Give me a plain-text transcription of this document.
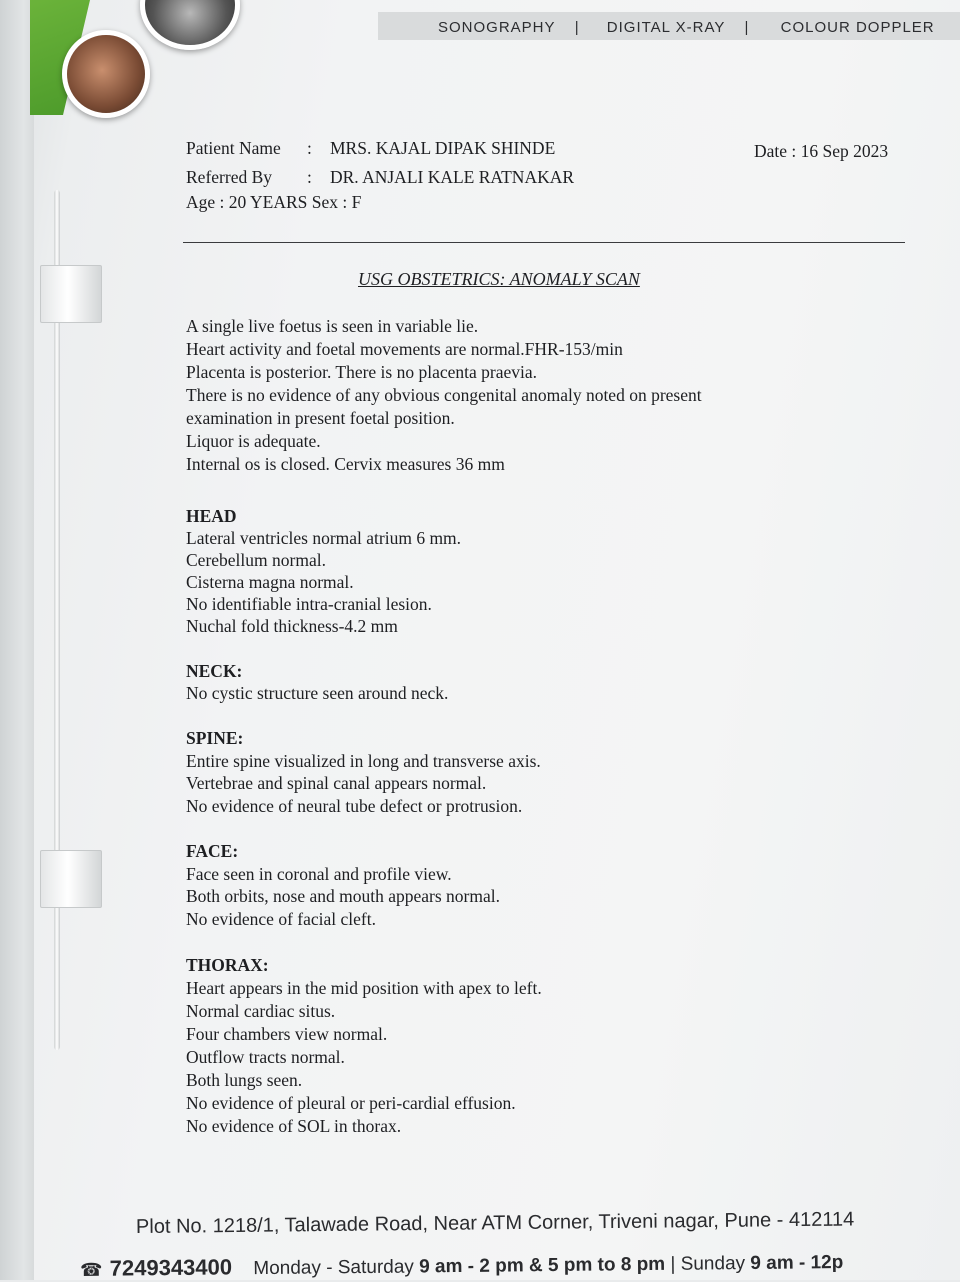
SONOGRAPHY | DIGITAL X-RAY | COLOUR DOPPLER
Patient Name : MRS. KAJAL DIPAK SHINDE	Date : 16 Sep 2023
Referred By : DR. ANJALI KALE RATNAKAR
Age : 20 YEARS Sex : F
USG OBSTETRICS: ANOMALY SCAN

A single live foetus is seen in variable lie.

Heart activity and foetal movements are normal.FHR-153/min

Placenta is posterior. There is no placenta praevia.

There is no evidence of any obvious congenital anomaly noted on present

examination in present foetal position.

Liquor is adequate.

Internal os is closed. Cervix measures 36 mm

HEAD

Lateral ventricles normal atrium 6 mm.

Cerebellum normal.

Cisterna magna normal.

No identifiable intra-cranial lesion.

Nuchal fold thickness-4.2 mm

NECK:

No cystic structure seen around neck.

SPINE:

Entire spine visualized in long and transverse axis.

Vertebrae and spinal canal appears normal.

No evidence of neural tube defect or protrusion.

FACE:

Face seen in coronal and profile view.

Both orbits, nose and mouth appears normal.

No evidence of facial cleft.

THORAX:

Heart appears in the mid position with apex to left.

Normal cardiac situs.

Four chambers view normal.

Outflow tracts normal.

Both lungs seen.

No evidence of pleural or peri-cardial effusion.

No evidence of SOL in thorax.

Plot No. 1218/1, Talawade Road, Near ATM Corner, Triveni nagar, Pune - 412114
☎ 7249343400 Monday - Saturday 9 am - 2 pm & 5 pm to 8 pm | Sunday 9 am - 12p
